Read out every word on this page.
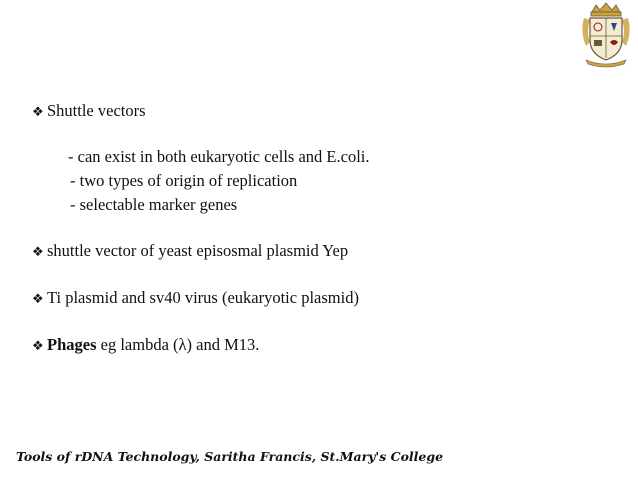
❖ Shuttle vectors
- can exist in both eukaryotic cells and E.coli.
- two types of origin of replication
- selectable marker genes
❖ shuttle vector of yeast episosmal plasmid Yep
❖ Ti plasmid and sv40 virus (eukaryotic plasmid)
❖ Phages eg lambda (λ) and M13.
Tools of rDNA Technology, Saritha Francis, St.Mary's College
